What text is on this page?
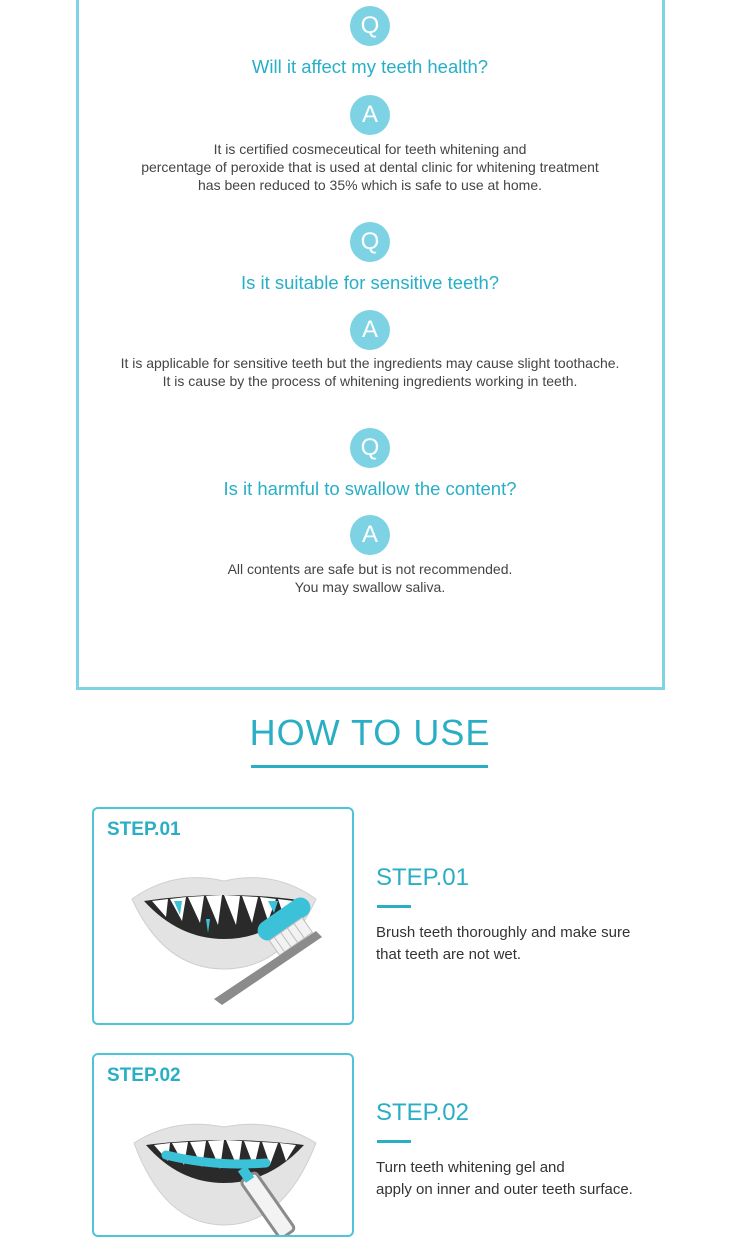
Q
Will it affect my teeth health?
A
It is certified cosmeceutical for teeth whitening and
percentage of peroxide that is used at dental clinic for whitening treatment
has been reduced to 35% which is safe to use at home.
Q
Is it suitable for sensitive teeth?
A
It is applicable for sensitive teeth but the ingredients may cause slight toothache.
It is cause by the process of whitening ingredients working in teeth.
Q
Is it harmful to swallow the content?
A
All contents are safe but is not recommended.
You may swallow saliva.
HOW TO USE
STEP.01
STEP.01
Brush teeth thoroughly and make sure
that teeth are not wet.
STEP.02
STEP.02
Turn teeth whitening gel and
apply on inner and outer teeth surface.
